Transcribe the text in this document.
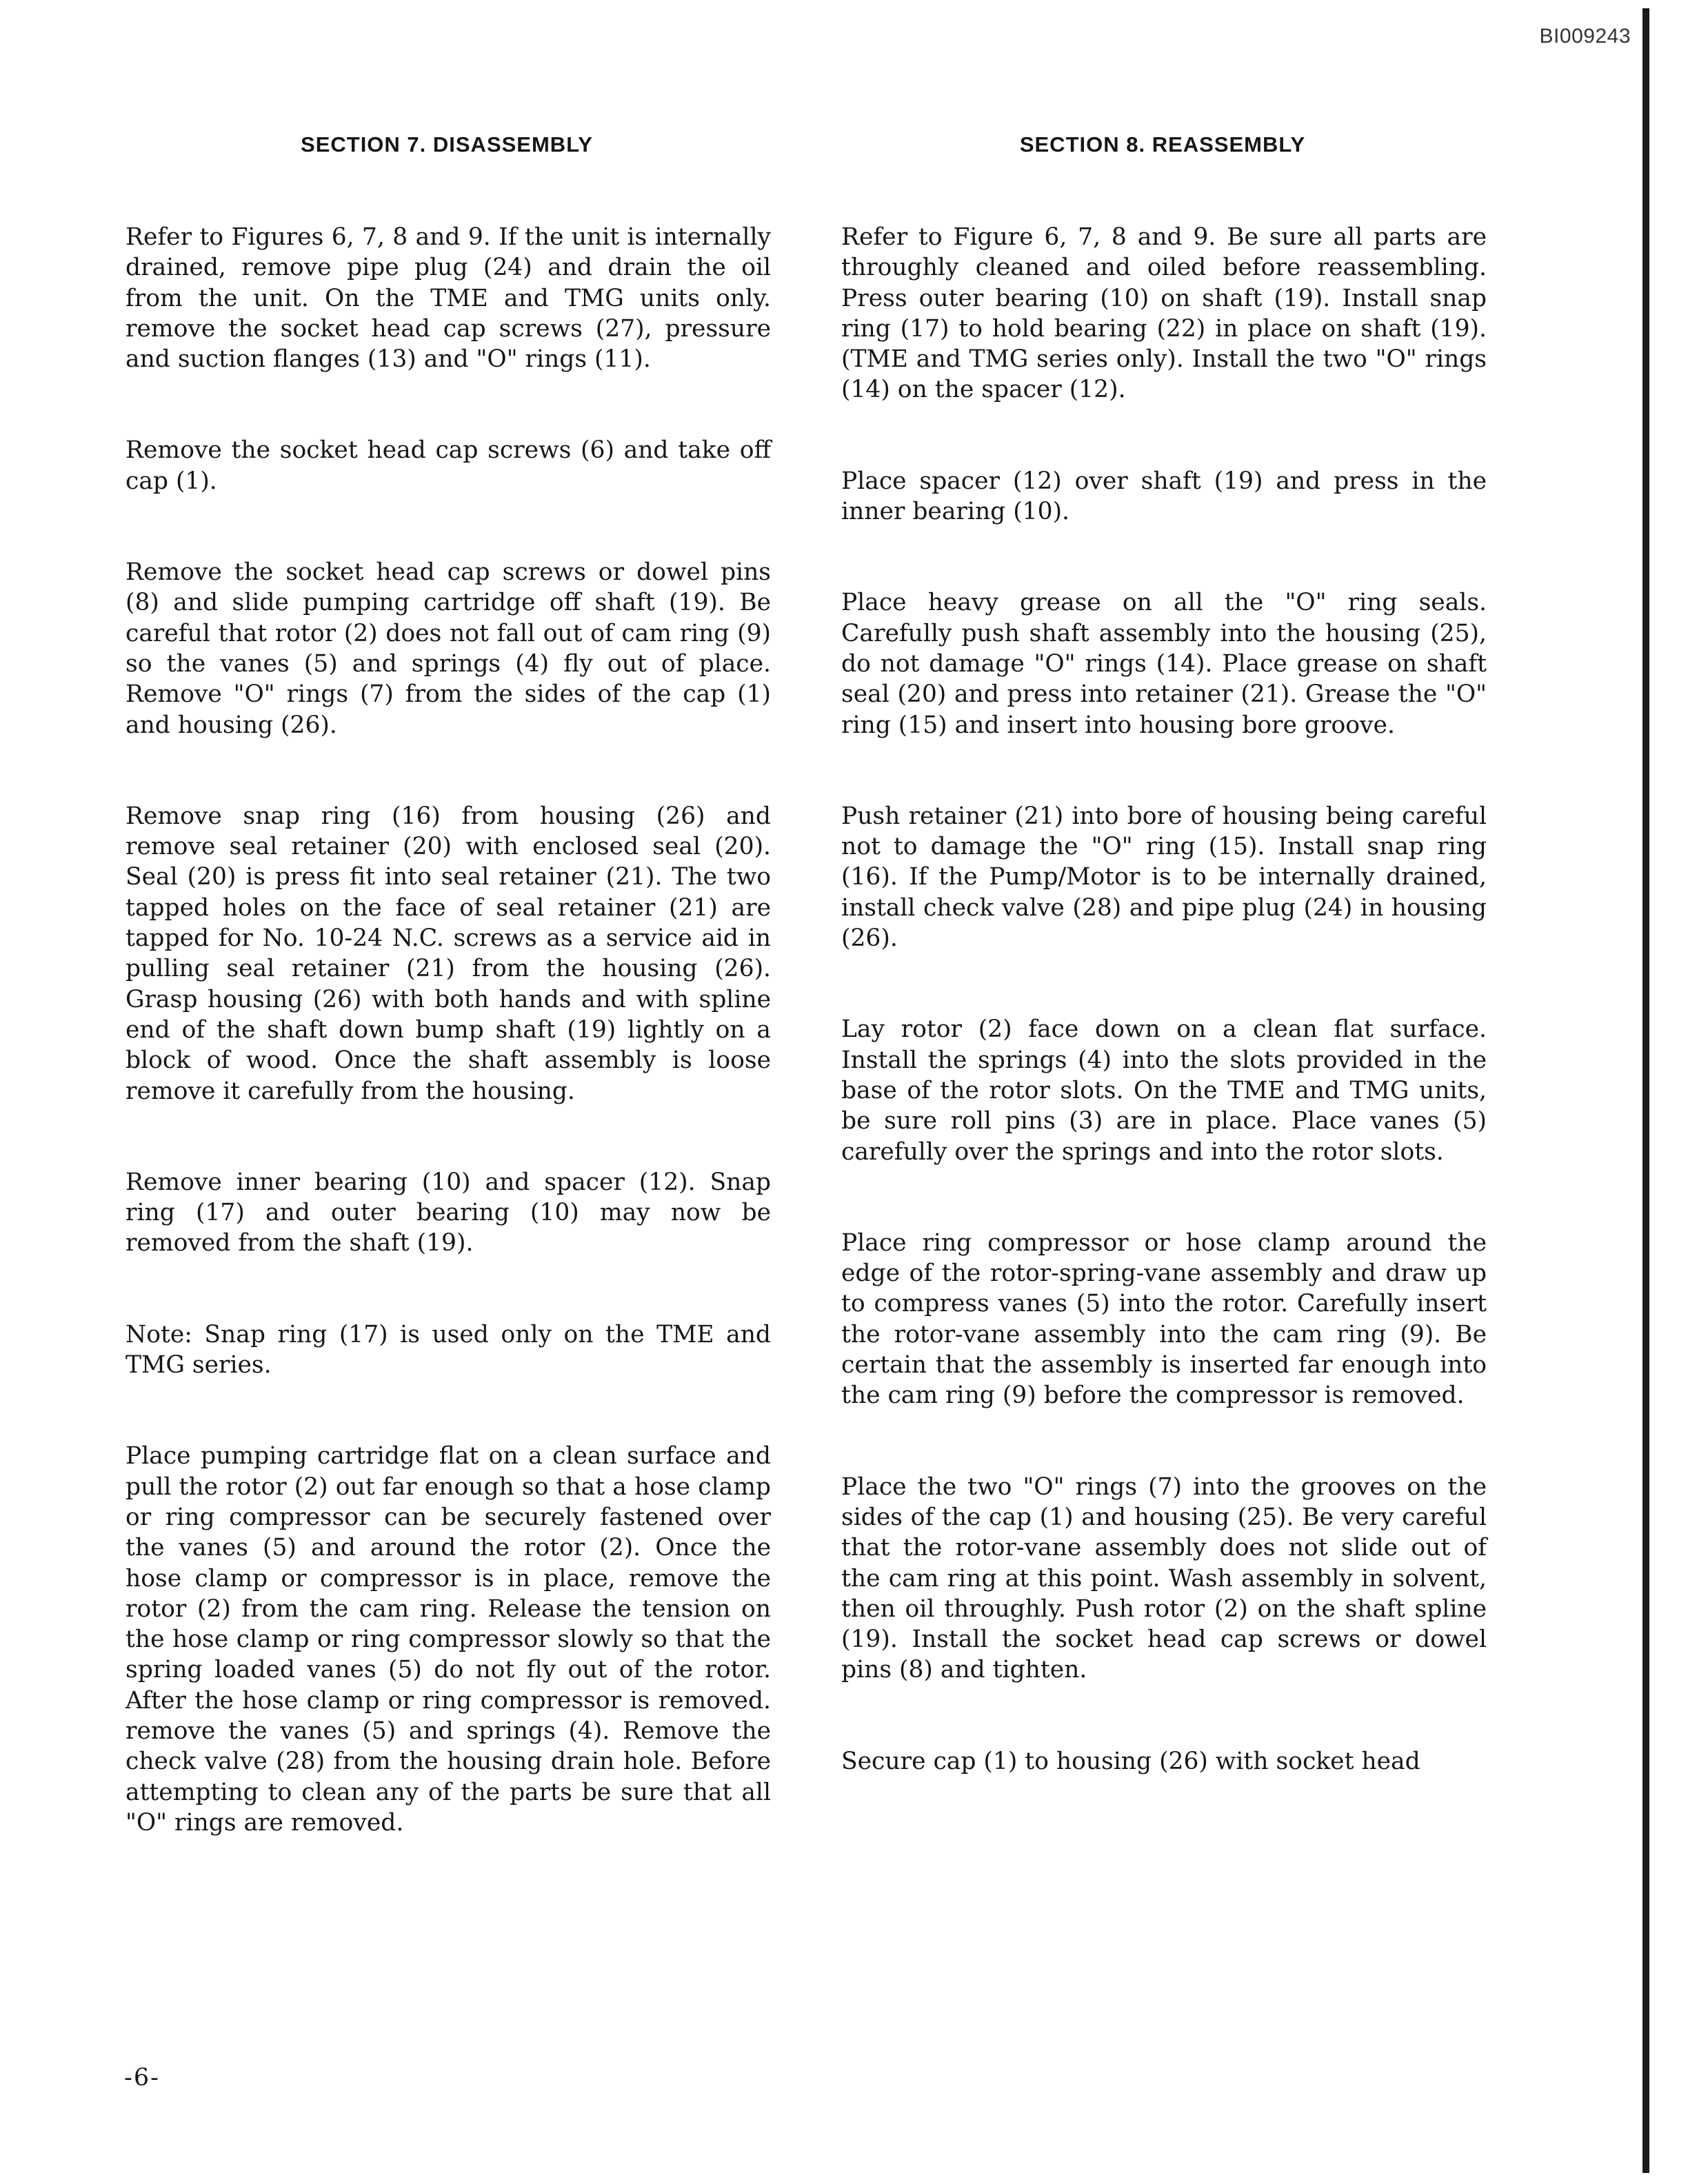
BI009243
SECTION 7. DISASSEMBLY	SECTION 8. REASSEMBLY

Refer to Figures 6, 7, 8 and 9. If the unit is internally drained, remove pipe plug (24) and drain the oil from the unit. On the TME and TMG units only. remove the socket head cap screws (27), pressure and suction flanges (13) and "O" rings (11).

Remove the socket head cap screws (6) and take off cap (1).

Remove the socket head cap screws or dowel pins (8) and slide pumping cartridge off shaft (19). Be careful that rotor (2) does not fall out of cam ring (9) so the vanes (5) and springs (4) fly out of place. Remove "O" rings (7) from the sides of the cap (1) and housing (26).

Remove snap ring (16) from housing (26) and remove seal retainer (20) with enclosed seal (20). Seal (20) is press fit into seal retainer (21). The two tapped holes on the face of seal retainer (21) are tapped for No. 10-24 N.C. screws as a service aid in pulling seal retainer (21) from the housing (26). Grasp housing (26) with both hands and with spline end of the shaft down bump shaft (19) lightly on a block of wood. Once the shaft assembly is loose remove it carefully from the housing.

Remove inner bearing (10) and spacer (12). Snap ring (17) and outer bearing (10) may now be removed from the shaft (19).

Note: Snap ring (17) is used only on the TME and TMG series.

Place pumping cartridge flat on a clean surface and pull the rotor (2) out far enough so that a hose clamp or ring compressor can be securely fastened over the vanes (5) and around the rotor (2). Once the hose clamp or compressor is in place, remove the rotor (2) from the cam ring. Release the tension on the hose clamp or ring compressor slowly so that the spring loaded vanes (5) do not fly out of the rotor. After the hose clamp or ring compressor is removed. remove the vanes (5) and springs (4). Remove the check valve (28) from the housing drain hole. Before attempting to clean any of the parts be sure that all "O" rings are removed.

Refer to Figure 6, 7, 8 and 9. Be sure all parts are throughly cleaned and oiled before reassembling. Press outer bearing (10) on shaft (19). Install snap ring (17) to hold bearing (22) in place on shaft (19). (TME and TMG series only). Install the two "O" rings (14) on the spacer (12).

Place spacer (12) over shaft (19) and press in the inner bearing (10).

Place heavy grease on all the "O" ring seals. Carefully push shaft assembly into the housing (25), do not damage "O" rings (14). Place grease on shaft seal (20) and press into retainer (21). Grease the "O" ring (15) and insert into housing bore groove.

Push retainer (21) into bore of housing being careful not to damage the "O" ring (15). Install snap ring (16). If the Pump/Motor is to be internally drained, install check valve (28) and pipe plug (24) in housing (26).

Lay rotor (2) face down on a clean flat surface. Install the springs (4) into the slots provided in the base of the rotor slots. On the TME and TMG units, be sure roll pins (3) are in place. Place vanes (5) carefully over the springs and into the rotor slots.

Place ring compressor or hose clamp around the edge of the rotor-spring-vane assembly and draw up to compress vanes (5) into the rotor. Carefully insert the rotor-vane assembly into the cam ring (9). Be certain that the assembly is inserted far enough into the cam ring (9) before the compressor is removed.

Place the two "O" rings (7) into the grooves on the sides of the cap (1) and housing (25). Be very careful that the rotor-vane assembly does not slide out of the cam ring at this point. Wash assembly in solvent, then oil throughly. Push rotor (2) on the shaft spline (19). Install the socket head cap screws or dowel pins (8) and tighten.

Secure cap (1) to housing (26) with socket head

-6-
